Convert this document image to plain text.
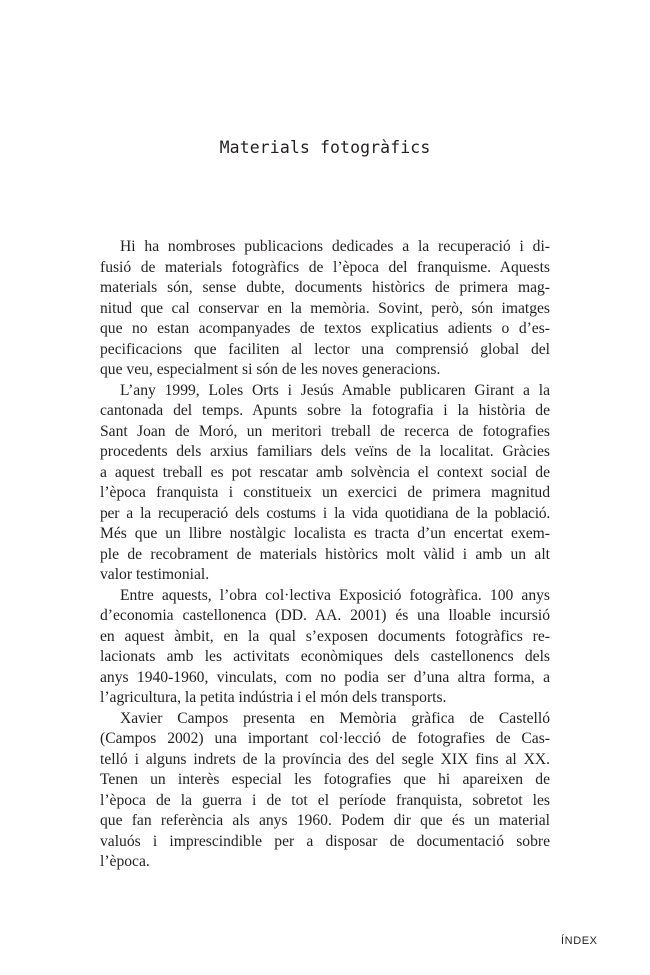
Materials fotogràfics
Hi ha nombroses publicacions dedicades a la recuperació i di-
fusió de materials fotogràfics de l’època del franquisme. Aquests
materials són, sense dubte, documents històrics de primera mag-
nitud que cal conservar en la memòria. Sovint, però, són imatges
que no estan acompanyades de textos explicatius adients o d’es-
pecificacions que faciliten al lector una comprensió global del
que veu, especialment si són de les noves generacions.
L’any 1999, Loles Orts i Jesús Amable publicaren Girant a la
cantonada del temps. Apunts sobre la fotografia i la història de
Sant Joan de Moró, un meritori treball de recerca de fotografies
procedents dels arxius familiars dels veïns de la localitat. Gràcies
a aquest treball es pot rescatar amb solvència el context social de
l’època franquista i constitueix un exercici de primera magnitud
per a la recuperació dels costums i la vida quotidiana de la població.
Més que un llibre nostàlgic localista es tracta d’un encertat exem-
ple de recobrament de materials històrics molt vàlid i amb un alt
valor testimonial.
Entre aquests, l’obra col·lectiva Exposició fotogràfica. 100 anys
d’economia castellonenca (DD. AA. 2001) és una lloable incursió
en aquest àmbit, en la qual s’exposen documents fotogràfics re-
lacionats amb les activitats econòmiques dels castellonencs dels
anys 1940-1960, vinculats, com no podia ser d’una altra forma, a
l’agricultura, la petita indústria i el món dels transports.
Xavier Campos presenta en Memòria gràfica de Castelló
(Campos 2002) una important col·lecció de fotografies de Cas-
telló i alguns indrets de la província des del segle XIX fins al XX.
Tenen un interès especial les fotografies que hi apareixen de
l’època de la guerra i de tot el període franquista, sobretot les
que fan referència als anys 1960. Podem dir que és un material
valuós i imprescindible per a disposar de documentació sobre
l’època.
ÍNDEX
